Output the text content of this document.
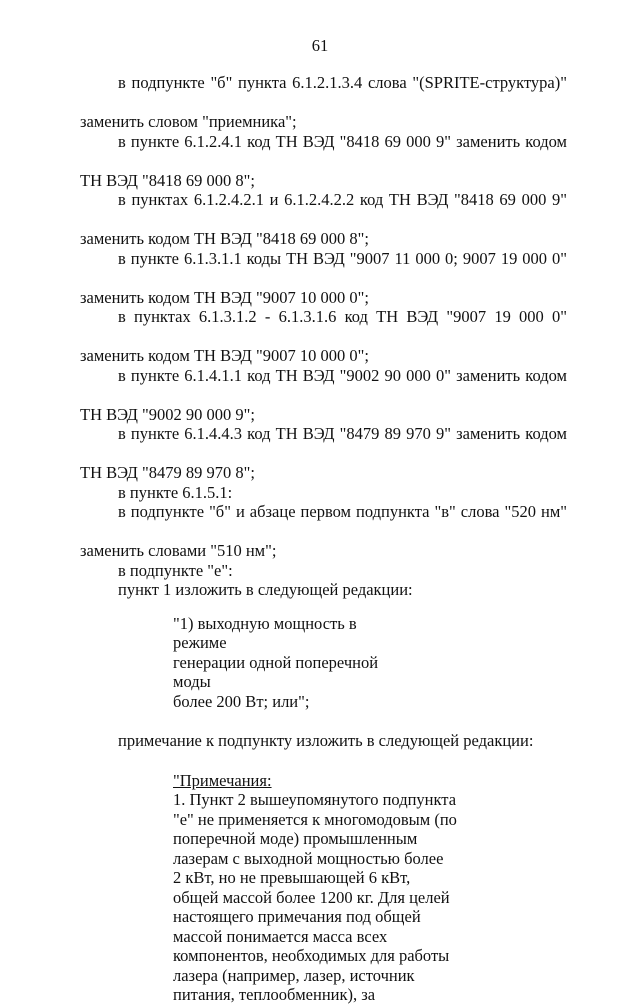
61

в подпункте "б" пункта 6.1.2.1.3.4 слова "(SPRITE-структура)"

заменить словом "приемника";

в пункте 6.1.2.4.1 код ТН ВЭД "8418 69 000 9" заменить кодом

ТН ВЭД "8418 69 000 8";

в пунктах 6.1.2.4.2.1 и 6.1.2.4.2.2 код ТН ВЭД "8418 69 000 9"

заменить кодом ТН ВЭД "8418 69 000 8";

в пункте 6.1.3.1.1 коды ТН ВЭД "9007 11 000 0; 9007 19 000 0"

заменить кодом ТН ВЭД "9007 10 000 0";

в пунктах 6.1.3.1.2 - 6.1.3.1.6 код ТН ВЭД "9007 19 000 0"

заменить кодом ТН ВЭД "9007 10 000 0";

в пункте 6.1.4.1.1 код ТН ВЭД "9002 90 000 0" заменить кодом

ТН ВЭД "9002 90 000 9";

в пункте 6.1.4.4.3 код ТН ВЭД "8479 89 970 9" заменить кодом

ТН ВЭД "8479 89 970 8";

в пункте 6.1.5.1:

в подпункте "б" и абзаце первом подпункта "в" слова "520 нм"

заменить словами "510 нм";

в подпункте "е":

пункт 1 изложить в следующей редакции:

"1) выходную мощность в режиме

генерации одной поперечной моды

более 200 Вт; или";

примечание к подпункту изложить в следующей редакции:

"Примечания:

1. Пункт 2 вышеупомянутого подпункта

"е" не применяется к многомодовым (по

поперечной моде) промышленным

лазерам с выходной мощностью более

2 кВт, но не превышающей 6 кВт,

общей массой более 1200 кг. Для целей

настоящего примечания под общей

массой понимается масса всех

компонентов, необходимых для работы

лазера (например, лазер, источник

питания, теплообменник), за
